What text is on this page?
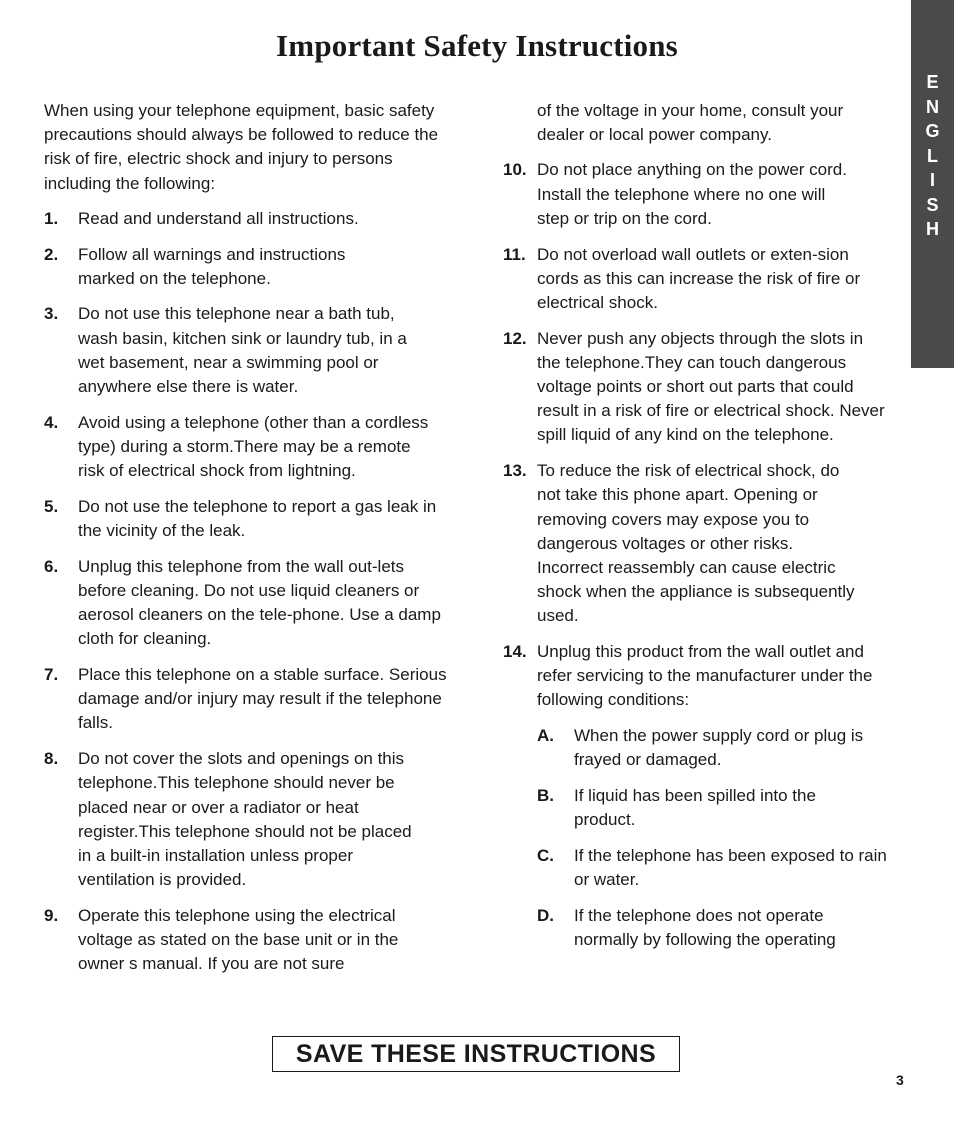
Important Safety Instructions
E
N
G
L
I
S
H

When using your telephone equipment, basic safety precautions should always be followed to reduce the risk of fire, electric shock and injury to persons including the following:

1. Read and understand all instructions.
2. Follow all warnings and instructions marked on the telephone.
3. Do not use this telephone near a bath tub, wash basin, kitchen sink or laundry tub, in a wet basement, near a swimming pool or anywhere else there is water.
4. Avoid using a telephone (other than a cordless type) during a storm.There may be a remote risk of electrical shock from lightning.
5. Do not use the telephone to report a gas leak in the vicinity of the leak.
6. Unplug this telephone from the wall out-lets before cleaning. Do not use liquid cleaners or aerosol cleaners on the tele-phone. Use a damp cloth for cleaning.
7. Place this telephone on a stable surface. Serious damage and/or injury may result if the telephone falls.
8. Do not cover the slots and openings on this telephone.This telephone should never be placed near or over a radiator or heat register.This telephone should not be placed in a built-in installation unless proper ventilation is provided.
9. Operate this telephone using the electrical voltage as stated on the base unit or in the owner s manual. If you are not sure

of the voltage in your home, consult your dealer or local power company.

10. Do not place anything on the power cord. Install the telephone where no one will step or trip on the cord.
11. Do not overload wall outlets or exten-sion cords as this can increase the risk of fire or electrical shock.
12. Never push any objects through the slots in the telephone.They can touch dangerous voltage points or short out parts that could result in a risk of fire or electrical shock. Never spill liquid of any kind on the telephone.
13. To reduce the risk of electrical shock, do not take this phone apart. Opening or removing covers may expose you to dangerous voltages or other risks. Incorrect reassembly can cause electric shock when the appliance is subsequently used.
14. Unplug this product from the wall outlet and refer servicing to the manufacturer under the following conditions:
A. When the power supply cord or plug is frayed or damaged.
B. If liquid has been spilled into the product.
C. If the telephone has been exposed to rain or water.
D. If the telephone does not operate normally by following the operating
SAVE THESE INSTRUCTIONS
3
